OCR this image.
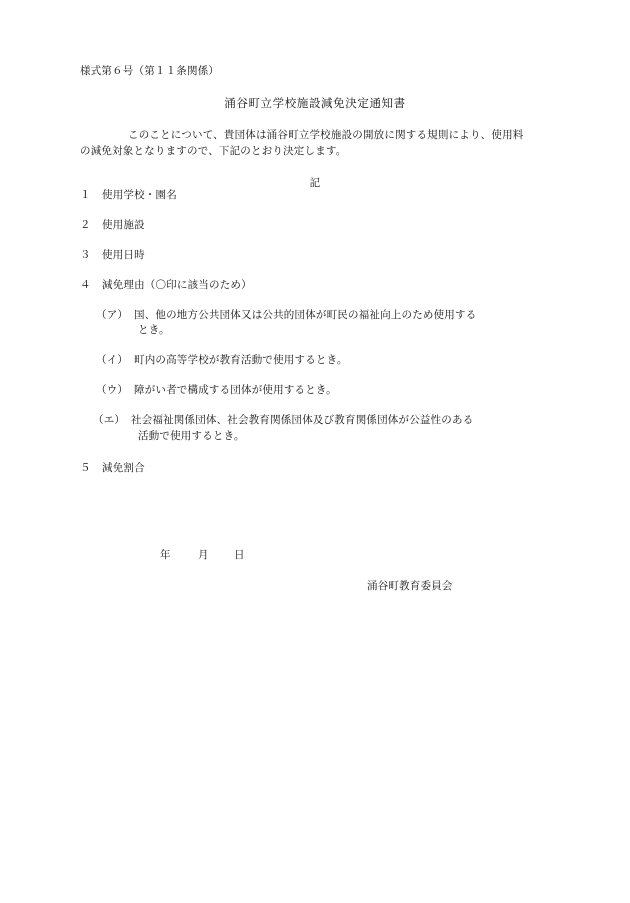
様式第６号（第１１条関係）
涌谷町立学校施設減免決定通知書
このことについて、貴団体は涌谷町立学校施設の開放に関する規則により、使用料
の減免対象となりますので、下記のとおり決定します。
記
１ 使用学校・園名
２ 使用施設
３ 使用日時
４ 減免理由（〇印に該当のため）
（ア） 国、他の地方公共団体又は公共的団体が町民の福祉向上のため使用する
とき。
（イ） 町内の高等学校が教育活動で使用するとき。
（ウ） 障がい者で構成する団体が使用するとき。
（エ） 社会福祉関係団体、社会教育関係団体及び教育関係団体が公益性のある
活動で使用するとき。
５ 減免割合
年	月 日
涌谷町教育委員会
